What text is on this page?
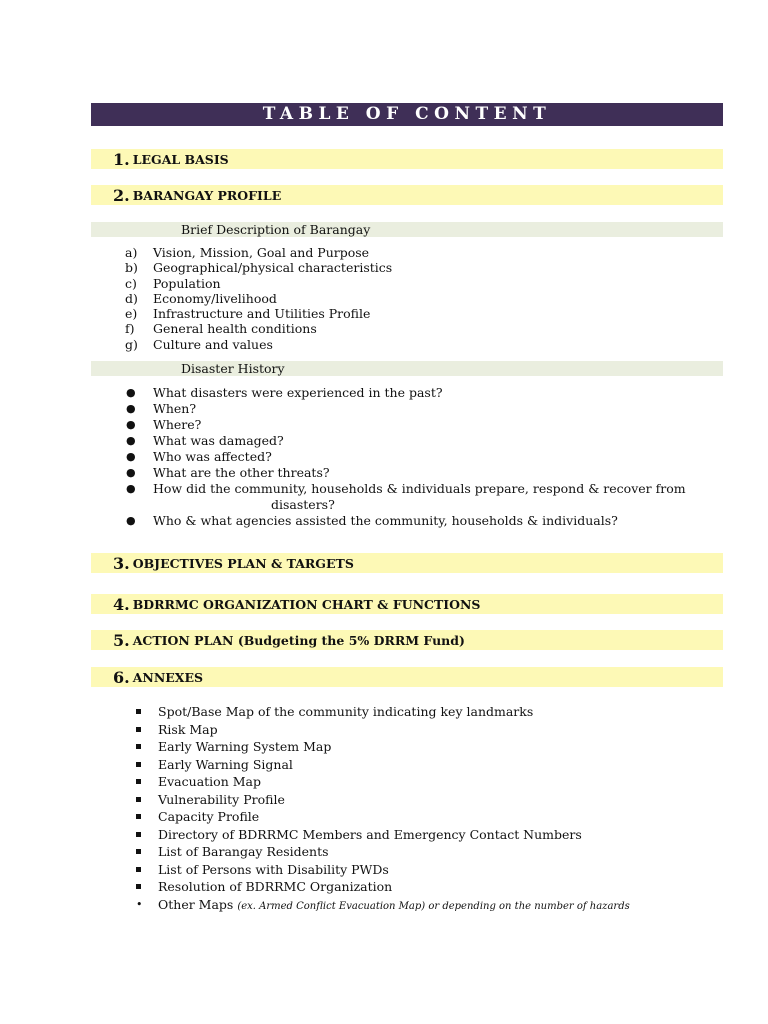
TABLE OF CONTENT
1. LEGAL BASIS
2. BARANGAY PROFILE
Brief Description of Barangay
a) Vision, Mission, Goal and Purpose
b) Geographical/physical characteristics
c) Population
d) Economy/livelihood
e) Infrastructure and Utilities Profile
f) General health conditions
g) Culture and values
Disaster History
● What disasters were experienced in the past?
● When?
● Where?
● What was damaged?
● Who was affected?
● What are the other threats?
● How did the community, households & individuals prepare, respond & recover from
disasters?
● Who & what agencies assisted the community, households & individuals?
3. OBJECTIVES PLAN & TARGETS
4. BDRRMC ORGANIZATION CHART & FUNCTIONS
5. ACTION PLAN (Budgeting the 5% DRRM Fund)
6. ANNEXES
Spot/Base Map of the community indicating key landmarks
Risk Map
Early Warning System Map
Early Warning Signal
Evacuation Map
Vulnerability Profile
Capacity Profile
Directory of BDRRMC Members and Emergency Contact Numbers
List of Barangay Residents
List of Persons with Disability PWDs
Resolution of BDRRMC Organization
• Other Maps (ex. Armed Conflict Evacuation Map) or depending on the number of hazards
